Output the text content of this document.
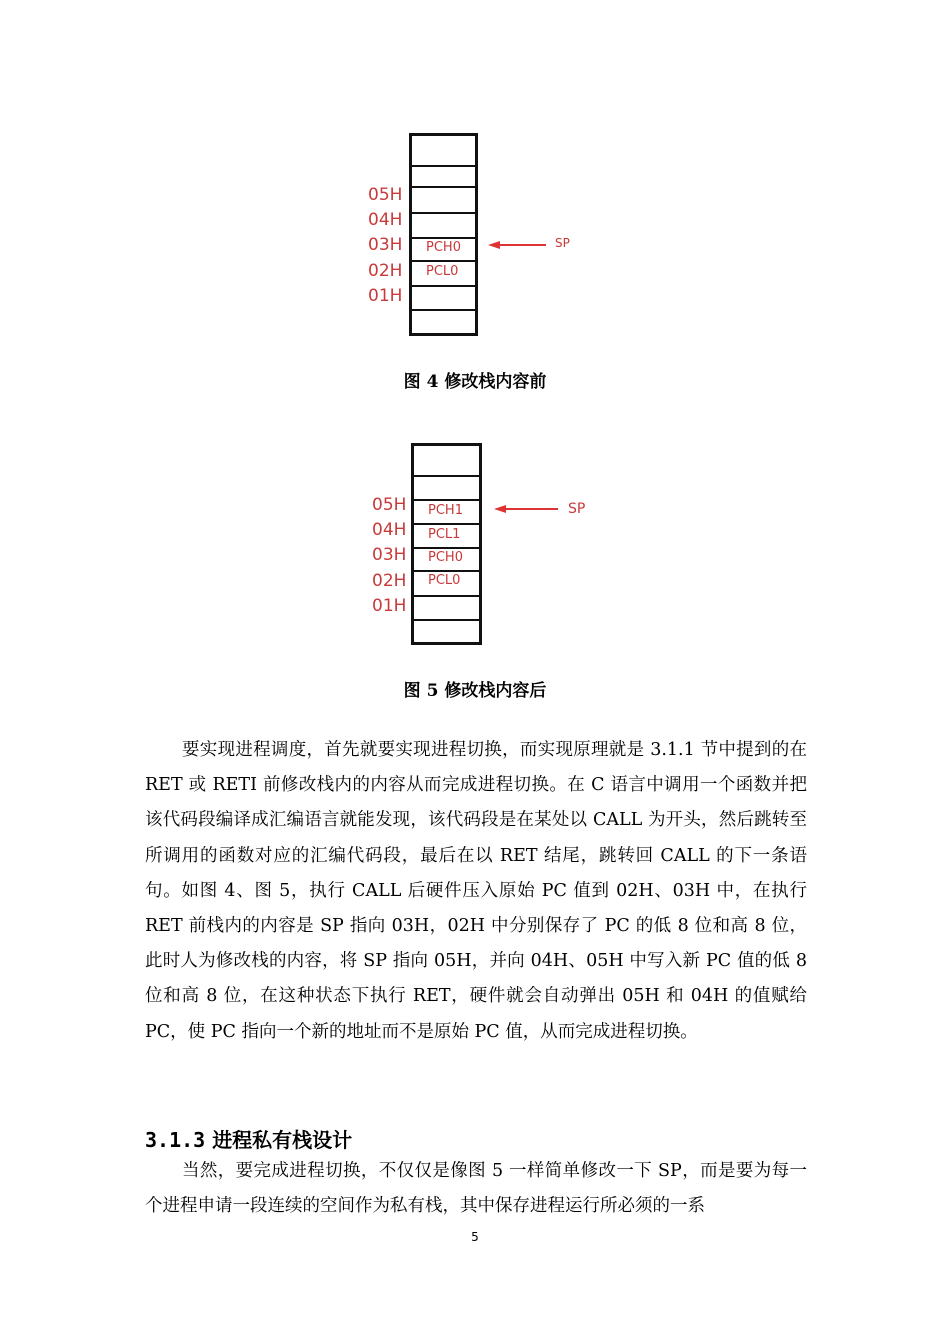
05H
04H
03H
02H
01H
PCH0
PCL0
SP
图 4 修改栈内容前
05H
04H
03H
02H
01H
PCH1
PCL1
PCH0
PCL0
SP
图 5 修改栈内容后

要实现进程调度，首先就要实现进程切换，而实现原理就是 3.1.1 节中提到的在 RET 或 RETI 前修改栈内的内容从而完成进程切换。在 C 语言中调用一个函数并把该代码段编译成汇编语言就能发现，该代码段是在某处以 CALL 为开头，然后跳转至所调用的函数对应的汇编代码段，最后在以 RET 结尾，跳转回 CALL 的下一条语句。如图 4、图 5，执行 CALL 后硬件压入原始 PC 值到 02H、03H 中，在执行 RET 前栈内的内容是 SP 指向 03H，02H 中分别保存了 PC 的低 8 位和高 8 位，此时人为修改栈的内容，将 SP 指向 05H，并向 04H、05H 中写入新 PC 值的低 8 位和高 8 位，在这种状态下执行 RET，硬件就会自动弹出 05H 和 04H 的值赋给 PC，使 PC 指向一个新的地址而不是原始 PC 值，从而完成进程切换。

3.1.3 进程私有栈设计

当然，要完成进程切换，不仅仅是像图 5 一样简单修改一下 SP，而是要为每一个进程申请一段连续的空间作为私有栈，其中保存进程运行所必须的一系

5
